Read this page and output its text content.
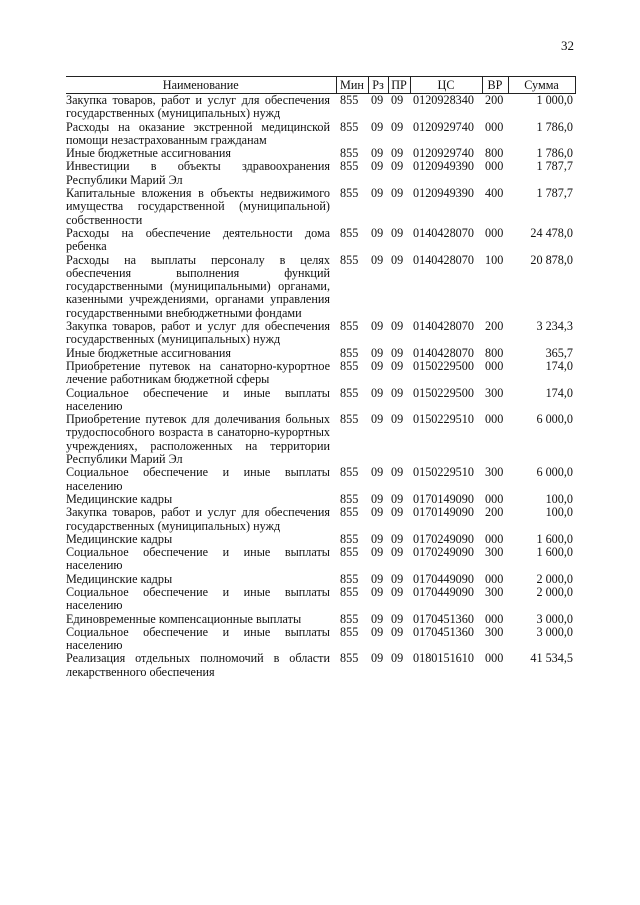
32
Наименование	Мин	Рз	ПР	ЦС	ВР	Сумма
Закупка товаров, работ и услуг для обеспечения государственных (муниципальных) нужд	855	09	09	0120928340	200	1 000,0
Расходы на оказание экстренной медицинской помощи незастрахованным гражданам	855	09	09	0120929740	000	1 786,0
Иные бюджетные ассигнования	855	09	09	0120929740	800	1 786,0
Инвестиции в объекты здравоохранения Республики Марий Эл	855	09	09	0120949390	000	1 787,7
Капитальные вложения в объекты недвижимого имущества государственной (муниципальной) собственности	855	09	09	0120949390	400	1 787,7
Расходы на обеспечение деятельности дома ребенка	855	09	09	0140428070	000	24 478,0
Расходы на выплаты персоналу в целях обеспечения выполнения функций государственными (муниципальными) органами, казенными учреждениями, органами управления государственными внебюджетными фондами	855	09	09	0140428070	100	20 878,0
Закупка товаров, работ и услуг для обеспечения государственных (муниципальных) нужд	855	09	09	0140428070	200	3 234,3
Иные бюджетные ассигнования	855	09	09	0140428070	800	365,7
Приобретение путевок на санаторно-курортное лечение работникам бюджетной сферы	855	09	09	0150229500	000	174,0
Социальное обеспечение и иные выплаты населению	855	09	09	0150229500	300	174,0
Приобретение путевок для долечивания больных трудоспособного возраста в санаторно-курортных учреждениях, расположенных на территории Республики Марий Эл	855	09	09	0150229510	000	6 000,0
Социальное обеспечение и иные выплаты населению	855	09	09	0150229510	300	6 000,0
Медицинские кадры	855	09	09	0170149090	000	100,0
Закупка товаров, работ и услуг для обеспечения государственных (муниципальных) нужд	855	09	09	0170149090	200	100,0
Медицинские кадры	855	09	09	0170249090	000	1 600,0
Социальное обеспечение и иные выплаты населению	855	09	09	0170249090	300	1 600,0
Медицинские кадры	855	09	09	0170449090	000	2 000,0
Социальное обеспечение и иные выплаты населению	855	09	09	0170449090	300	2 000,0
Единовременные компенсационные выплаты	855	09	09	0170451360	000	3 000,0
Социальное обеспечение и иные выплаты населению	855	09	09	0170451360	300	3 000,0
Реализация отдельных полномочий в области лекарственного обеспечения	855	09	09	0180151610	000	41 534,5
